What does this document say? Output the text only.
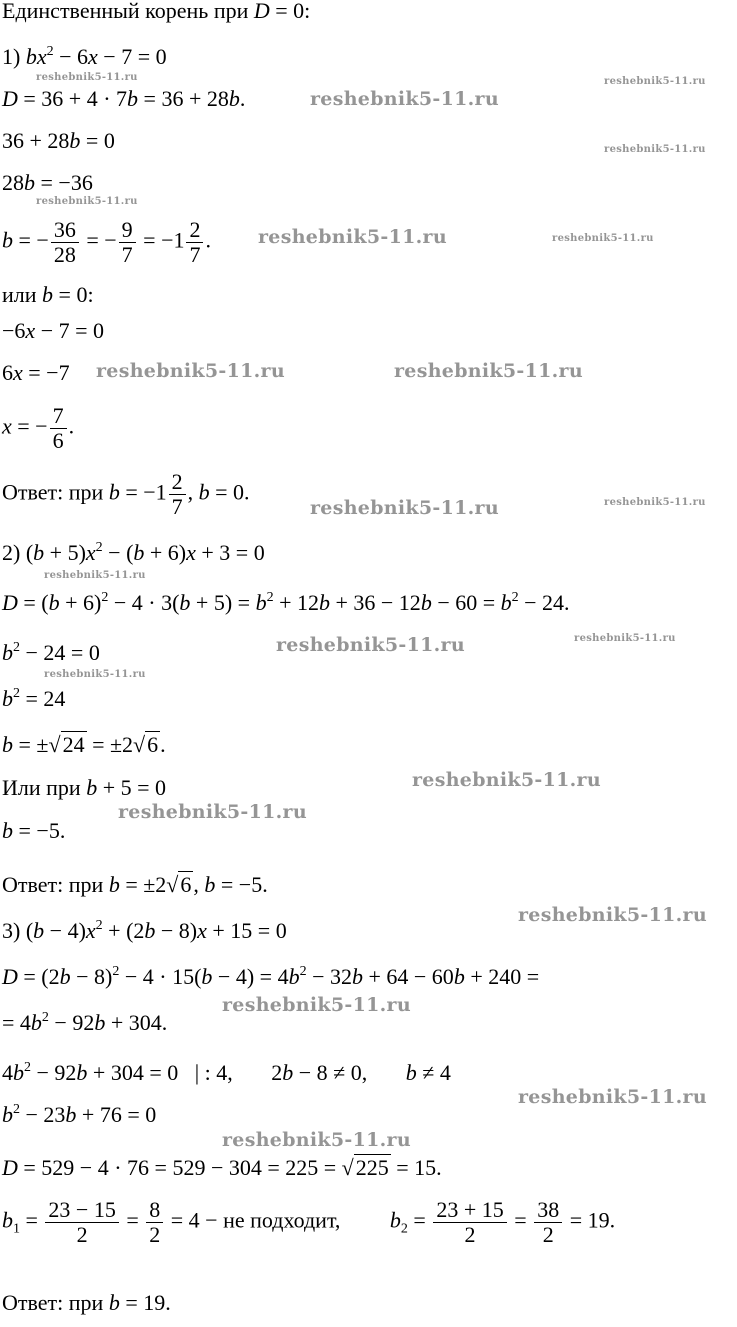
Единственный корень при D = 0:
1) $bx^2 - 6x - 7 = 0$
D = 36 + 4 · 7b = 36 + 28b.
36 + 28b = 0
28b = −36
b = − $\frac{36}{28}$ = − $\frac{9}{7} = -1 \frac{2}{7}$ .
или b = 0:
−6x − 7 = 0
6x = −7
x = − $\frac{7}{6}$ .
Ответ: при $b = -1 \frac{2}{7}$ , b = 0.
2) $(b + 5)x^2 - (b + 6)x + 3 = 0$
$D = (b + 6)^2 - 4 \cdot 3(b + 5) = b^2 + 12b + 36 - 12b - 60 = b^2 - 24$.
$b^2 - 24 = 0$
$b^2 = 24$
b = ±√24 = ±2√6.
Или при b + 5 = 0
b = −5.
Ответ: при b = ±2√6, b = −5.
3) $(b - 4)x^2 + (2b - 8)x + 15 = 0$
$D = (2b - 8)^2 - 4 \cdot 15(b - 4) = 4b^2 - 32b + 64 - 60b + 240$ =
= $4b^2 - 92b + 304$.
$4b^2 - 92b + 304 = 0$   | : 4,       2b − 8 ≠ 0,       b ≠ 4
$b^2 - 23b + 76 = 0$
D = 529 − 4 · 76 = 529 − 304 = 225 = √225 = 15.
$b_1 = \frac{23 - 15}{2} = \frac{8}{2} = 4$ − не подходит,         $b_2 = \frac{23 + 15}{2} = \frac{38}{2} = 19$.
Ответ: при b = 19.
reshebnik5-11.ru	reshebnik5-11.ru
reshebnik5-11.ru
reshebnik5-11.ru
reshebnik5-11.ru
reshebnik5-11.ru	reshebnik5-11.ru
reshebnik5-11.ru	reshebnik5-11.ru
reshebnik5-11.ru	reshebnik5-11.ru
reshebnik5-11.ru
reshebnik5-11.ru	reshebnik5-11.ru
reshebnik5-11.ru
reshebnik5-11.ru
reshebnik5-11.ru
reshebnik5-11.ru
reshebnik5-11.ru
reshebnik5-11.ru
reshebnik5-11.ru
